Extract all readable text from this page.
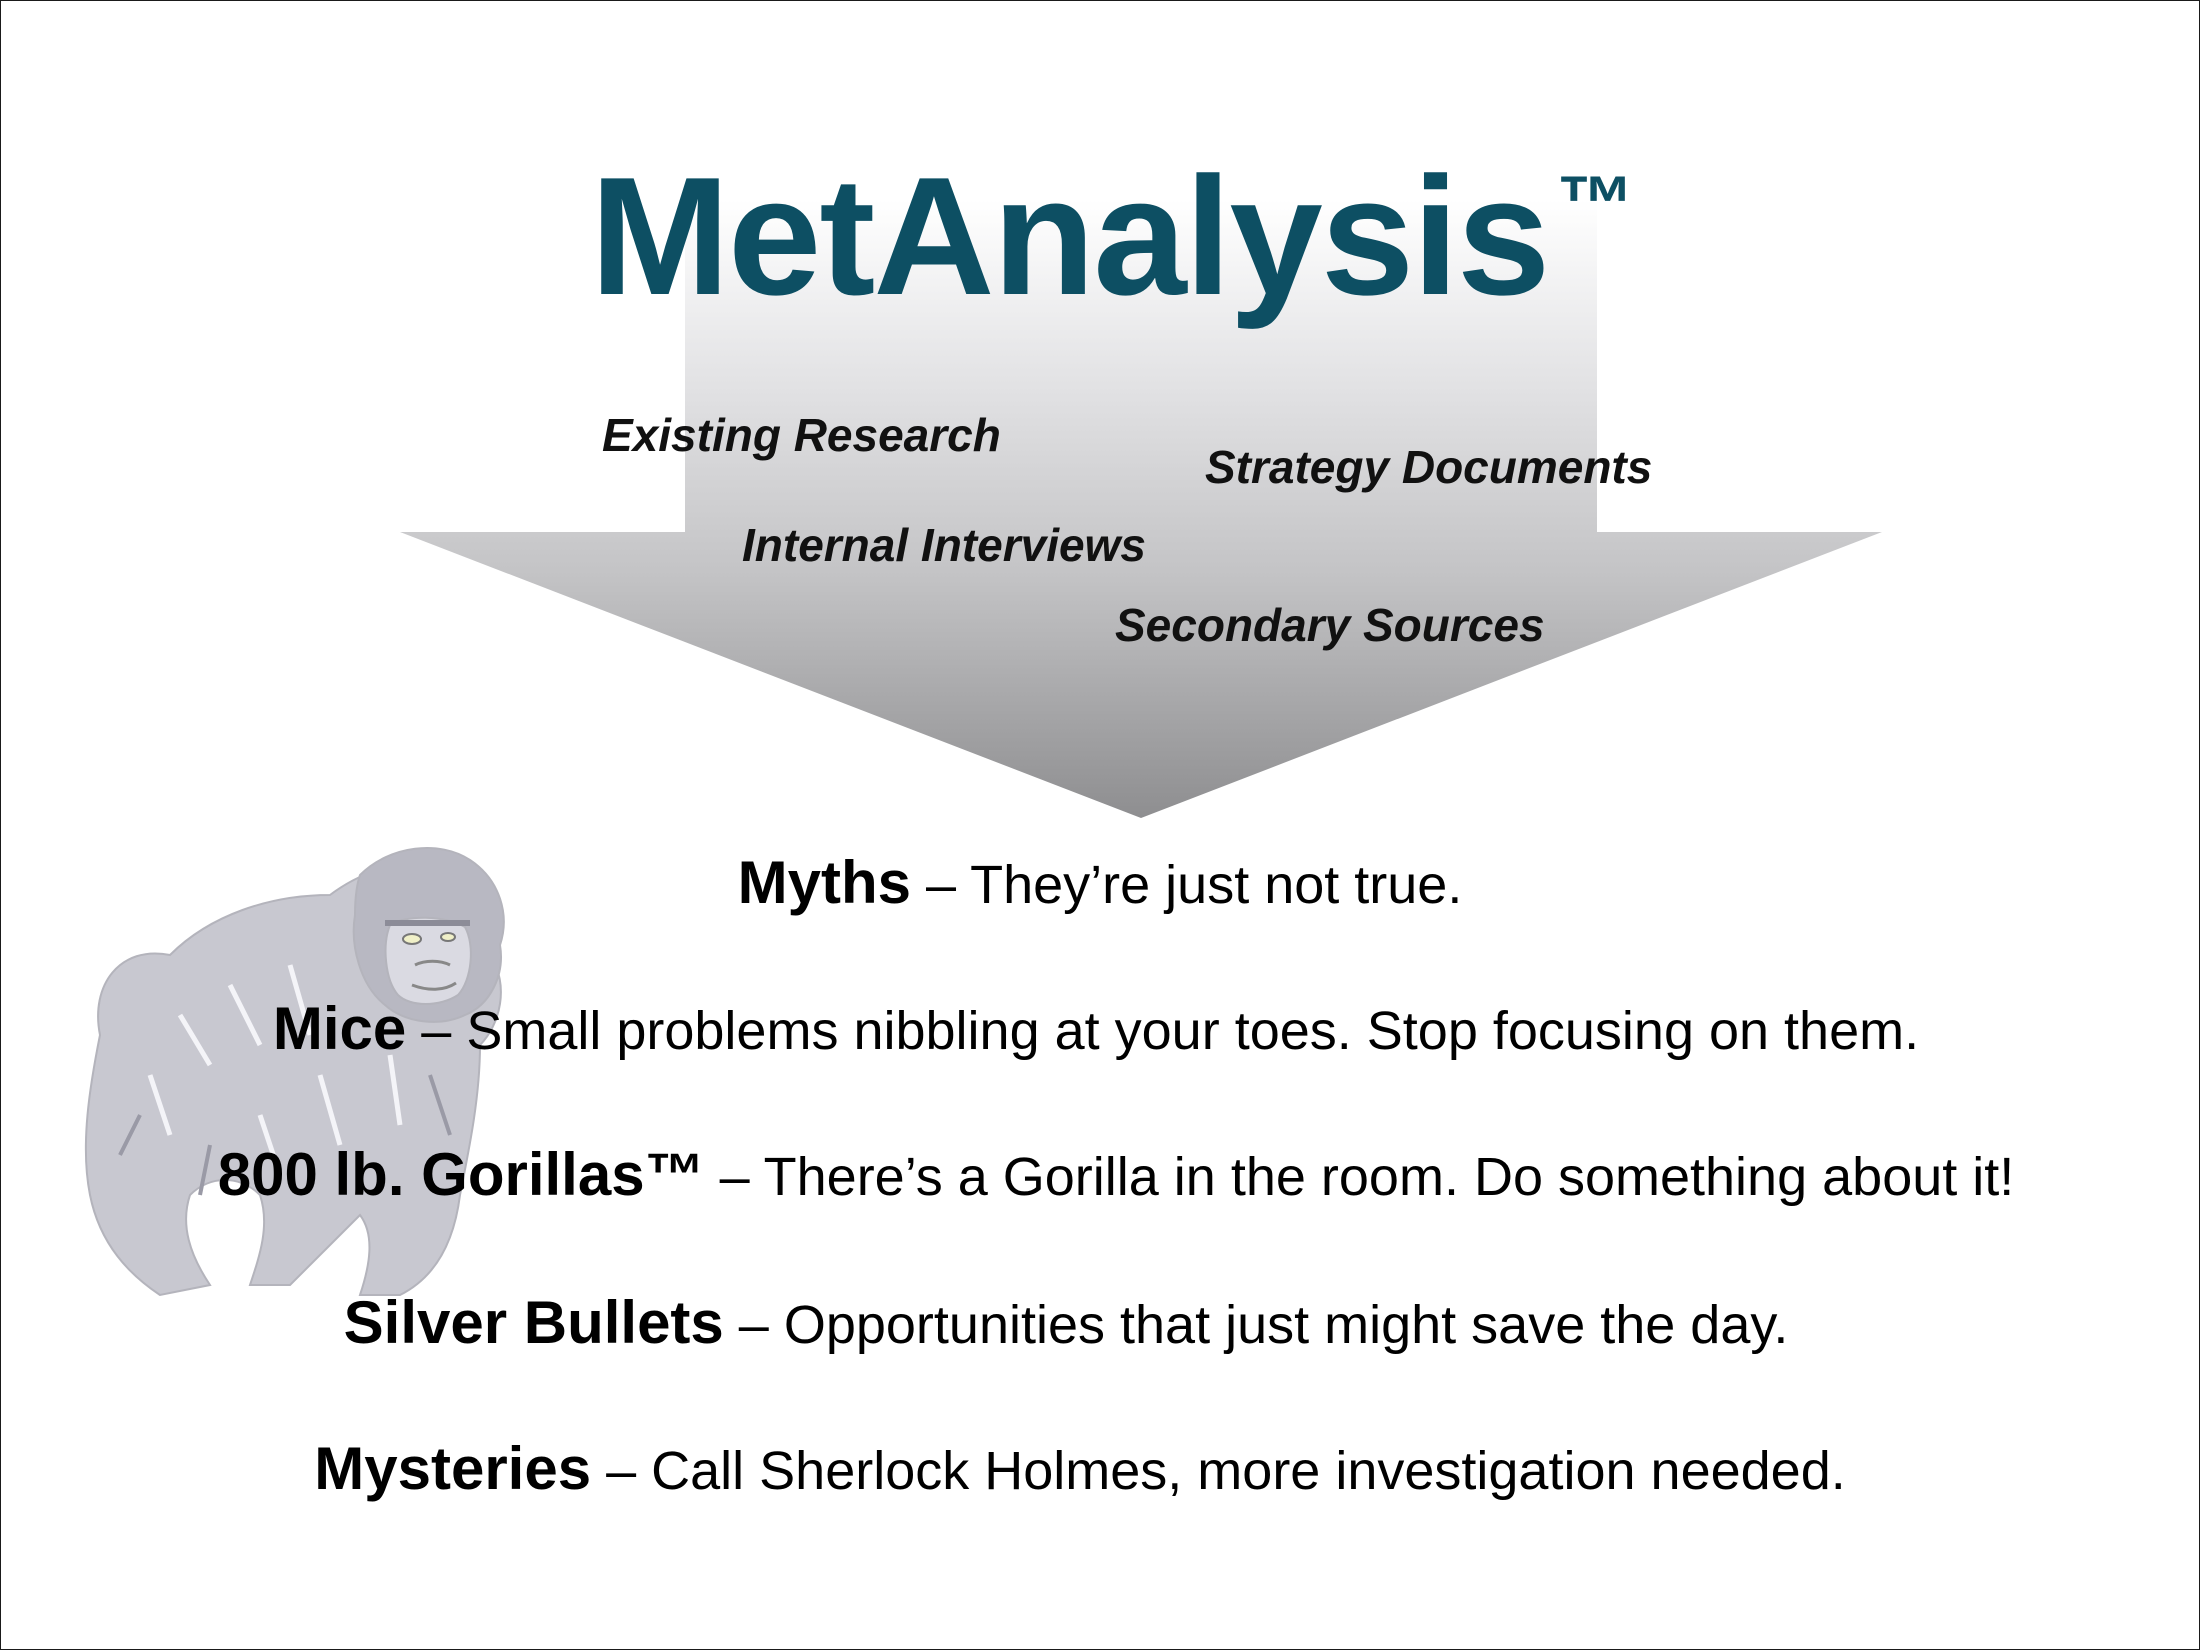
MetAnalysis ™
Existing Research
Strategy Documents
Internal Interviews
Secondary Sources
Myths – They’re just not true.
Mice – Small problems nibbling at your toes. Stop focusing on them.
800 lb. Gorillas™ – There’s a Gorilla in the room. Do something about it!
Silver Bullets – Opportunities that just might save the day.
Mysteries – Call Sherlock Holmes, more investigation needed.
